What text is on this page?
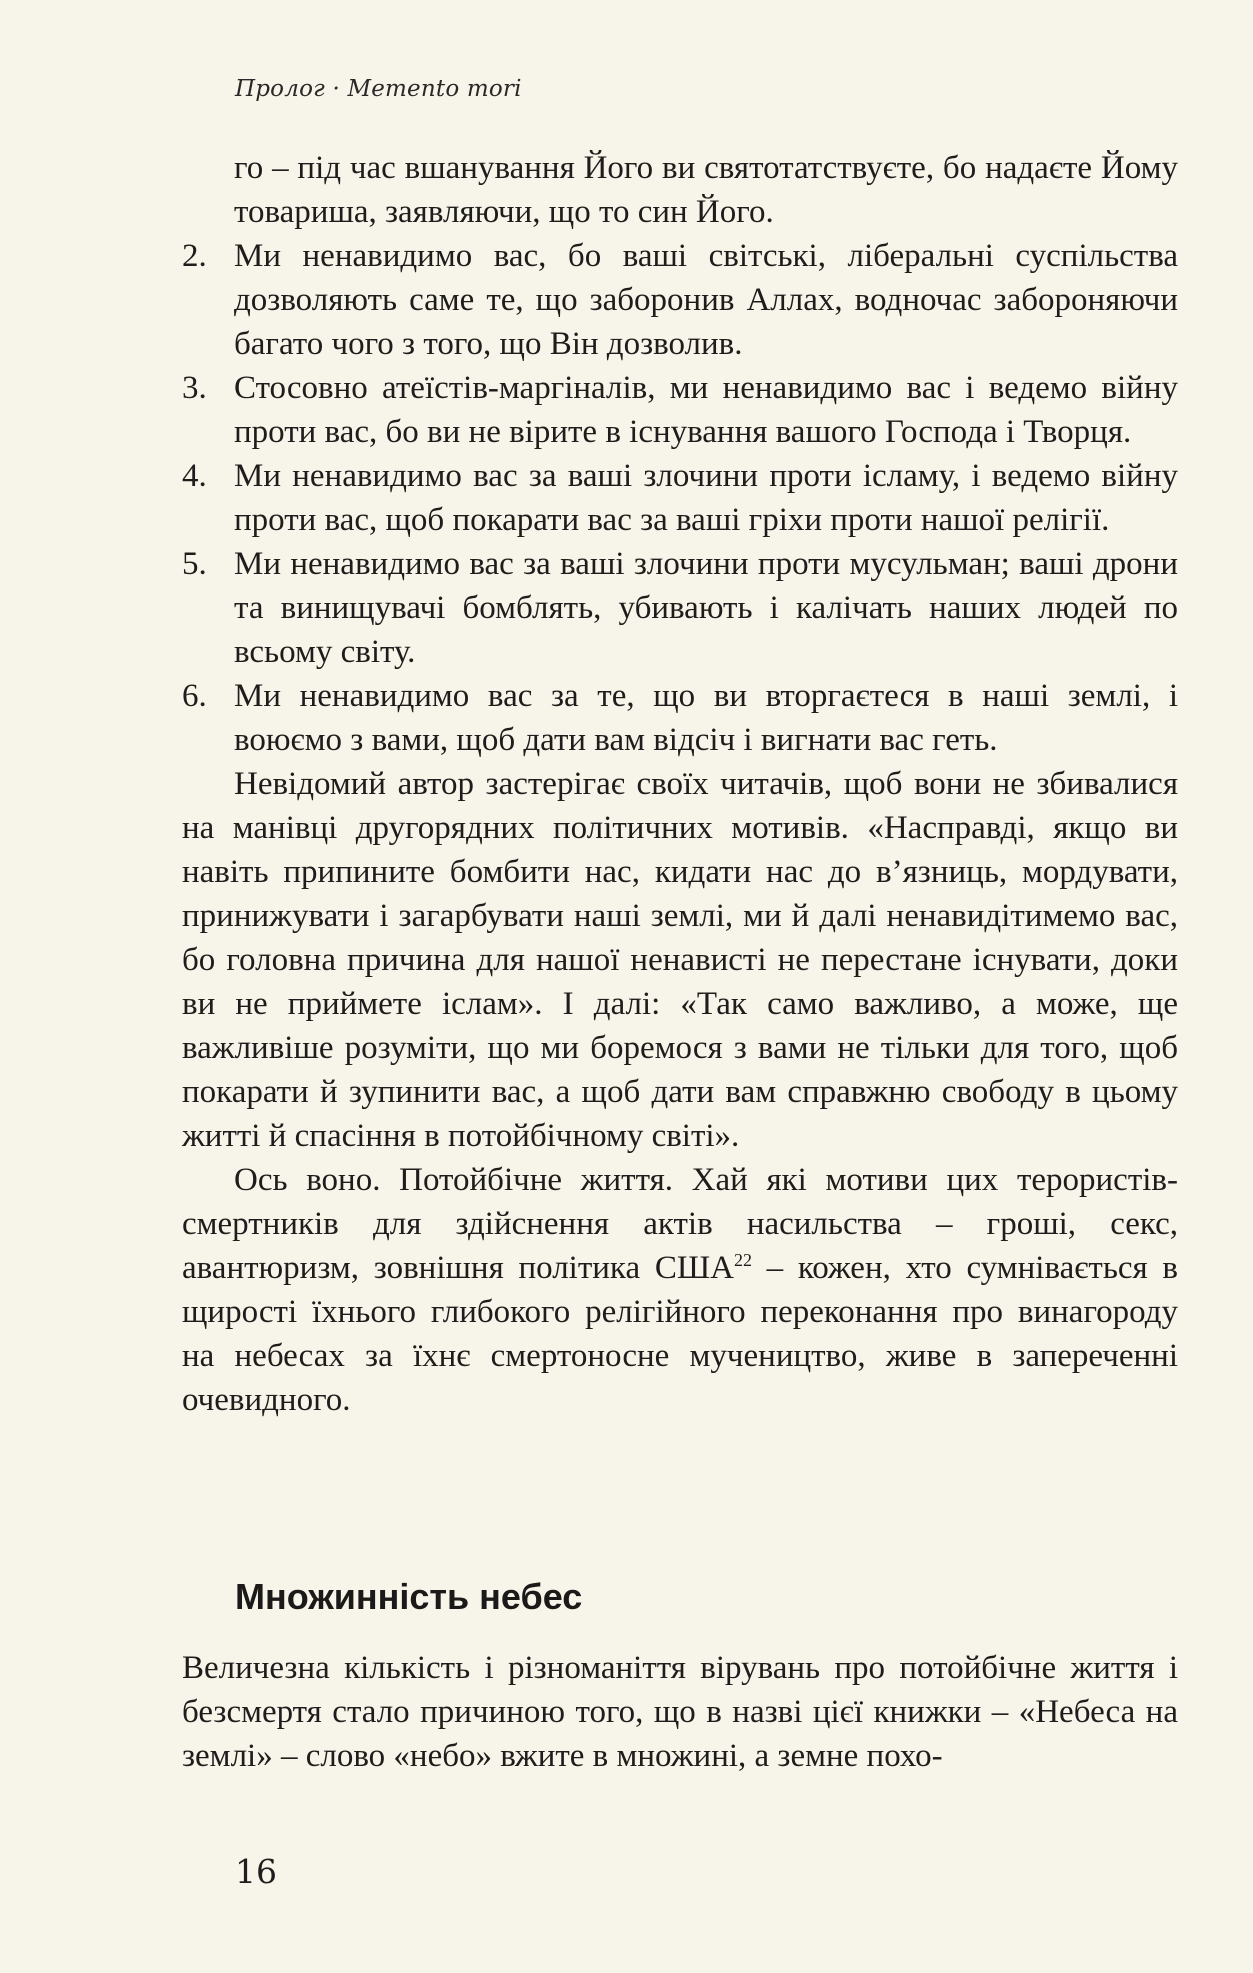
Пролог · Memento mori

го – під час вшанування Його ви святотатствуєте, бо надаєте Йому товариша, заявляючи, що то син Його.

2. Ми ненавидимо вас, бо ваші світські, ліберальні суспільства дозволяють саме те, що заборонив Аллах, водночас забороняючи багато чого з того, що Він дозволив.
3. Стосовно атеїстів-маргіналів, ми ненавидимо вас і ведемо війну проти вас, бо ви не вірите в існування вашого Господа і Творця.
4. Ми ненавидимо вас за ваші злочини проти ісламу, і ведемо війну проти вас, щоб покарати вас за ваші гріхи проти нашої релігії.
5. Ми ненавидимо вас за ваші злочини проти мусульман; ваші дрони та винищувачі бомблять, убивають і калічать наших людей по всьому світу.
6. Ми ненавидимо вас за те, що ви вторгаєтеся в наші землі, і воюємо з вами, щоб дати вам відсіч і вигнати вас геть.

Невідомий автор застерігає своїх читачів, щоб вони не збивалися на манівці другорядних політичних мотивів. «Насправді, якщо ви навіть припините бомбити нас, кидати нас до в’язниць, мордувати, принижувати і загарбувати наші землі, ми й далі ненавидітимемо вас, бо головна причина для нашої ненависті не перестане існувати, доки ви не приймете іслам». І далі: «Так само важливо, а може, ще важливіше розуміти, що ми боремося з вами не тільки для того, щоб покарати й зупинити вас, а щоб дати вам справжню свободу в цьому житті й спасіння в потойбічному світі».

Ось воно. Потойбічне життя. Хай які мотиви цих терористів-смертників для здійснення актів насильства – гроші, секс, авантюризм, зовнішня політика США$^{22}$ – кожен, хто сумнівається в щирості їхнього глибокого релігійного переконання про винагороду на небесах за їхнє смертоносне мучеництво, живе в запереченні очевидного.

Множинність небес

Величезна кількість і різноманіття вірувань про потойбічне життя і безсмертя стало причиною того, що в назві цієї книжки – «Небеса на землі» – слово «небо» вжите в множині, а земне похо-

16
